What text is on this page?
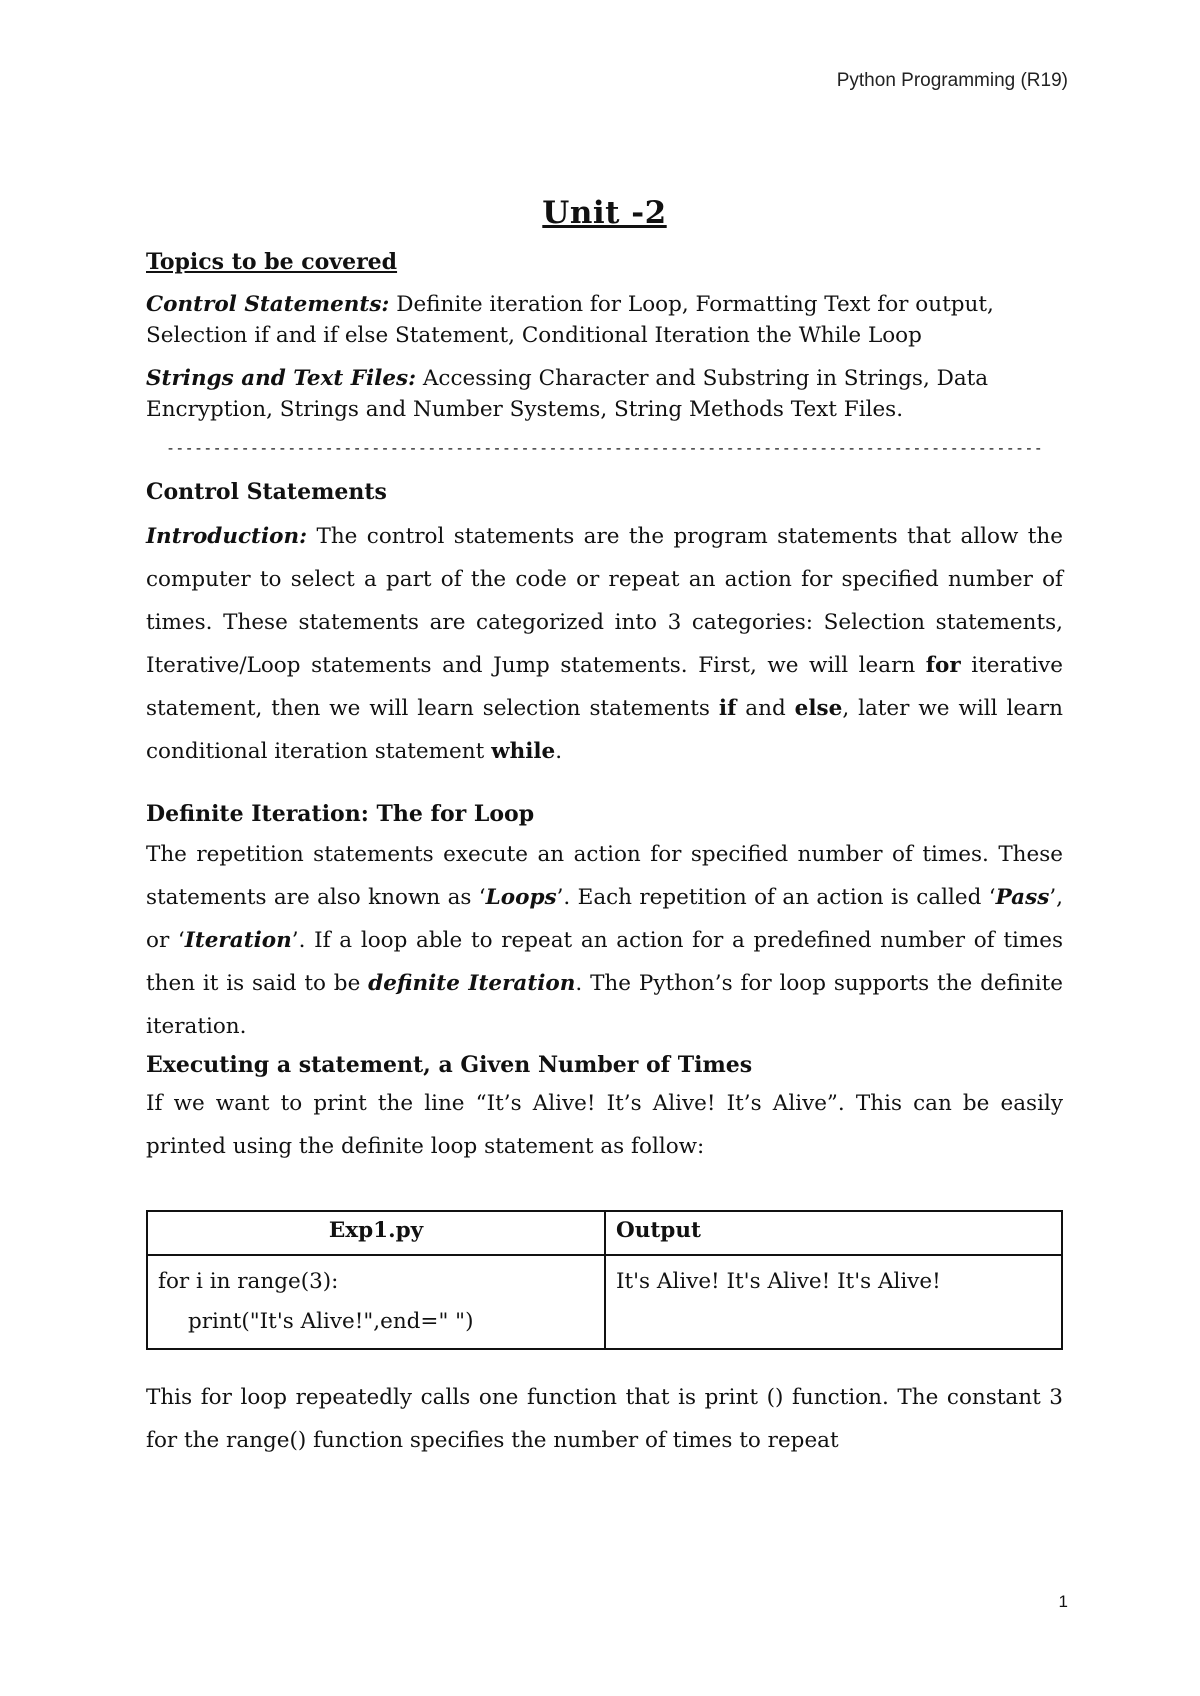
Python Programming (R19)
Unit -2
Topics to be covered
Control Statements: Definite iteration for Loop, Formatting Text for output, Selection if and if else Statement, Conditional Iteration the While Loop
Strings and Text Files: Accessing Character and Substring in Strings, Data Encryption, Strings and Number Systems, String Methods Text Files.
----------------------------------------------------------------------------------------------
Control Statements

Introduction: The control statements are the program statements that allow the computer to select a part of the code or repeat an action for specified number of times. These statements are categorized into 3 categories: Selection statements, Iterative/Loop statements and Jump statements. First, we will learn for iterative statement, then we will learn selection statements if and else, later we will learn conditional iteration statement while.

Definite Iteration: The for Loop

The repetition statements execute an action for specified number of times. These statements are also known as ‘Loops’. Each repetition of an action is called ‘Pass’, or ‘Iteration’. If a loop able to repeat an action for a predefined number of times then it is said to be definite Iteration. The Python’s for loop supports the definite iteration.

Executing a statement, a Given Number of Times

If we want to print the line “It’s Alive! It’s Alive! It’s Alive”. This can be easily printed using the definite loop statement as follow:

Exp1.py	Output

for i in range(3):
print("It's Alive!",end=" ")	It's Alive! It's Alive! It's Alive!

This for loop repeatedly calls one function that is print () function. The constant 3 for the range() function specifies the number of times to repeat

1
